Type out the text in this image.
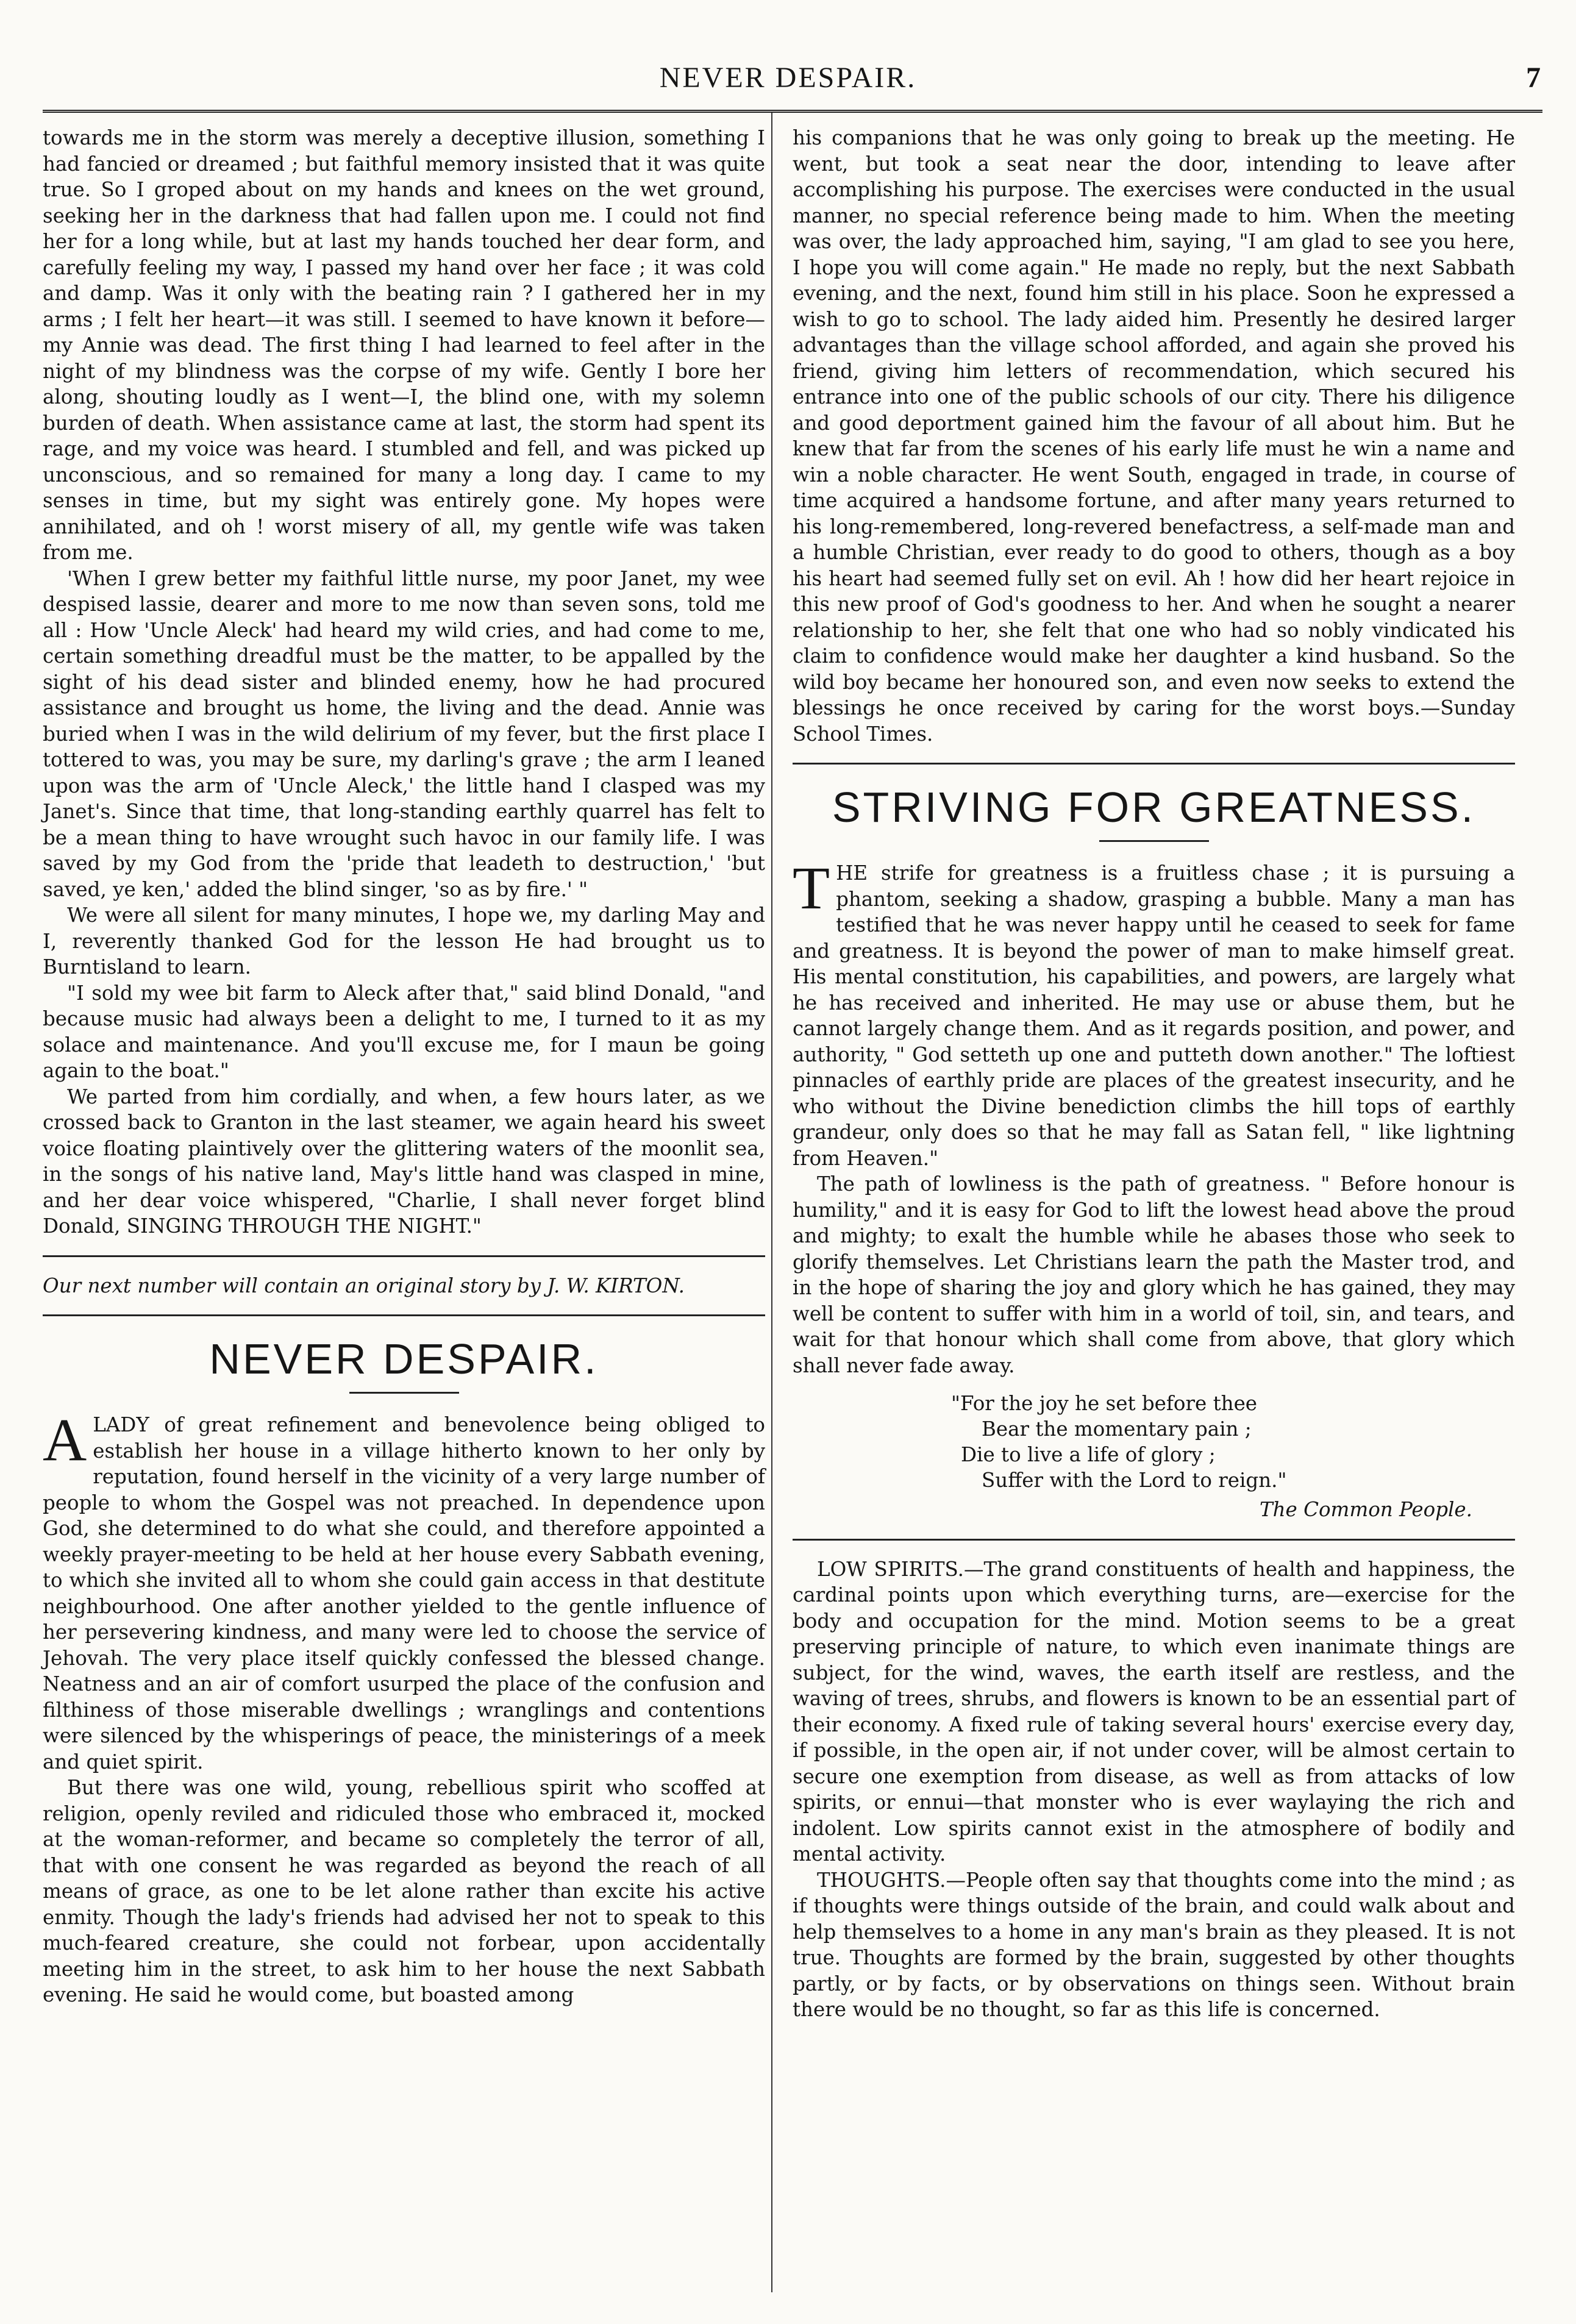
NEVER DESPAIR.	7

towards me in the storm was merely a deceptive illusion, something I had fancied or dreamed ; but faithful memory insisted that it was quite true. So I groped about on my hands and knees on the wet ground, seeking her in the darkness that had fallen upon me. I could not find her for a long while, but at last my hands touched her dear form, and carefully feeling my way, I passed my hand over her face ; it was cold and damp. Was it only with the beating rain ? I gathered her in my arms ; I felt her heart—it was still. I seemed to have known it before—my Annie was dead. The first thing I had learned to feel after in the night of my blindness was the corpse of my wife. Gently I bore her along, shouting loudly as I went—I, the blind one, with my solemn burden of death. When assistance came at last, the storm had spent its rage, and my voice was heard. I stumbled and fell, and was picked up unconscious, and so remained for many a long day. I came to my senses in time, but my sight was entirely gone. My hopes were annihilated, and oh ! worst misery of all, my gentle wife was taken from me.

'When I grew better my faithful little nurse, my poor Janet, my wee despised lassie, dearer and more to me now than seven sons, told me all : How 'Uncle Aleck' had heard my wild cries, and had come to me, certain something dreadful must be the matter, to be appalled by the sight of his dead sister and blinded enemy, how he had procured assistance and brought us home, the living and the dead. Annie was buried when I was in the wild delirium of my fever, but the first place I tottered to was, you may be sure, my darling's grave ; the arm I leaned upon was the arm of 'Uncle Aleck,' the little hand I clasped was my Janet's. Since that time, that long-standing earthly quarrel has felt to be a mean thing to have wrought such havoc in our family life. I was saved by my God from the 'pride that leadeth to destruction,' 'but saved, ye ken,' added the blind singer, 'so as by fire.' "

We were all silent for many minutes, I hope we, my darling May and I, reverently thanked God for the lesson He had brought us to Burntisland to learn.

"I sold my wee bit farm to Aleck after that," said blind Donald, "and because music had always been a delight to me, I turned to it as my solace and maintenance. And you'll excuse me, for I maun be going again to the boat."

We parted from him cordially, and when, a few hours later, as we crossed back to Granton in the last steamer, we again heard his sweet voice floating plaintively over the glittering waters of the moonlit sea, in the songs of his native land, May's little hand was clasped in mine, and her dear voice whispered, "Charlie, I shall never forget blind Donald, SINGING THROUGH THE NIGHT."

Our next number will contain an original story by J. W. KIRTON.

NEVER DESPAIR.

ALADY of great refinement and benevolence being obliged to establish her house in a village hitherto known to her only by reputation, found herself in the vicinity of a very large number of people to whom the Gospel was not preached. In dependence upon God, she determined to do what she could, and therefore appointed a weekly prayer-meeting to be held at her house every Sabbath evening, to which she invited all to whom she could gain access in that destitute neighbourhood. One after another yielded to the gentle influence of her persevering kindness, and many were led to choose the service of Jehovah. The very place itself quickly confessed the blessed change. Neatness and an air of comfort usurped the place of the confusion and filthiness of those miserable dwellings ; wranglings and contentions were silenced by the whisperings of peace, the ministerings of a meek and quiet spirit.

But there was one wild, young, rebellious spirit who scoffed at religion, openly reviled and ridiculed those who embraced it, mocked at the woman-reformer, and became so completely the terror of all, that with one consent he was regarded as beyond the reach of all means of grace, as one to be let alone rather than excite his active enmity. Though the lady's friends had advised her not to speak to this much-feared creature, she could not forbear, upon accidentally meeting him in the street, to ask him to her house the next Sabbath evening. He said he would come, but boasted among

his companions that he was only going to break up the meeting. He went, but took a seat near the door, intending to leave after accomplishing his purpose. The exercises were conducted in the usual manner, no special reference being made to him. When the meeting was over, the lady approached him, saying, "I am glad to see you here, I hope you will come again." He made no reply, but the next Sabbath evening, and the next, found him still in his place. Soon he expressed a wish to go to school. The lady aided him. Presently he desired larger advantages than the village school afforded, and again she proved his friend, giving him letters of recommendation, which secured his entrance into one of the public schools of our city. There his diligence and good deportment gained him the favour of all about him. But he knew that far from the scenes of his early life must he win a name and win a noble character. He went South, engaged in trade, in course of time acquired a handsome fortune, and after many years returned to his long-remembered, long-revered benefactress, a self-made man and a humble Christian, ever ready to do good to others, though as a boy his heart had seemed fully set on evil. Ah ! how did her heart rejoice in this new proof of God's goodness to her. And when he sought a nearer relationship to her, she felt that one who had so nobly vindicated his claim to confidence would make her daughter a kind husband. So the wild boy became her honoured son, and even now seeks to extend the blessings he once received by caring for the worst boys.—Sunday School Times.

STRIVING FOR GREATNESS.

THE strife for greatness is a fruitless chase ; it is pursuing a phantom, seeking a shadow, grasping a bubble. Many a man has testified that he was never happy until he ceased to seek for fame and greatness. It is beyond the power of man to make himself great. His mental constitution, his capabilities, and powers, are largely what he has received and inherited. He may use or abuse them, but he cannot largely change them. And as it regards position, and power, and authority, " God setteth up one and putteth down another." The loftiest pinnacles of earthly pride are places of the greatest insecurity, and he who without the Divine benediction climbs the hill tops of earthly grandeur, only does so that he may fall as Satan fell, " like lightning from Heaven."

The path of lowliness is the path of greatness. " Before honour is humility," and it is easy for God to lift the lowest head above the proud and mighty; to exalt the humble while he abases those who seek to glorify themselves. Let Christians learn the path the Master trod, and in the hope of sharing the joy and glory which he has gained, they may well be content to suffer with him in a world of toil, sin, and tears, and wait for that honour which shall come from above, that glory which shall never fade away.

"For the joy he set before thee
Bear the momentary pain ;
Die to live a life of glory ;
Suffer with the Lord to reign."
The Common People.

LOW SPIRITS.—The grand constituents of health and happiness, the cardinal points upon which everything turns, are—exercise for the body and occupation for the mind. Motion seems to be a great preserving principle of nature, to which even inanimate things are subject, for the wind, waves, the earth itself are restless, and the waving of trees, shrubs, and flowers is known to be an essential part of their economy. A fixed rule of taking several hours' exercise every day, if possible, in the open air, if not under cover, will be almost certain to secure one exemption from disease, as well as from attacks of low spirits, or ennui—that monster who is ever waylaying the rich and indolent. Low spirits cannot exist in the atmosphere of bodily and mental activity.

THOUGHTS.—People often say that thoughts come into the mind ; as if thoughts were things outside of the brain, and could walk about and help themselves to a home in any man's brain as they pleased. It is not true. Thoughts are formed by the brain, suggested by other thoughts partly, or by facts, or by observations on things seen. Without brain there would be no thought, so far as this life is concerned.
